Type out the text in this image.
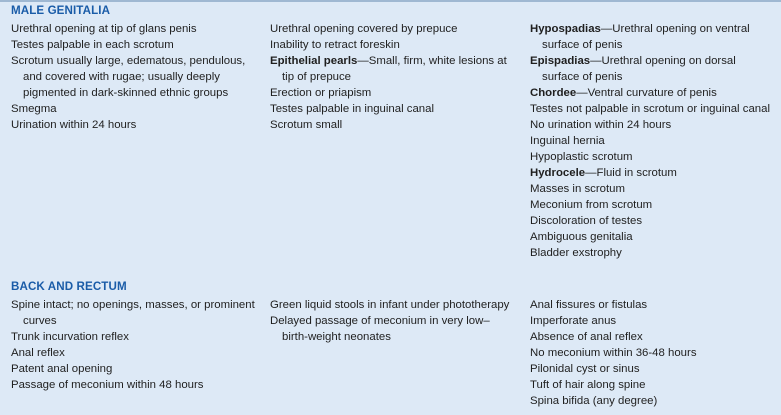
MALE GENITALIA
Urethral opening at tip of glans penis
Testes palpable in each scrotum
Scrotum usually large, edematous, pendulous, and covered with rugae; usually deeply pigmented in dark-skinned ethnic groups
Smegma
Urination within 24 hours
Urethral opening covered by prepuce
Inability to retract foreskin
Epithelial pearls—Small, firm, white lesions at tip of prepuce
Erection or priapism
Testes palpable in inguinal canal
Scrotum small
Hypospadias—Urethral opening on ventral surface of penis
Epispadias—Urethral opening on dorsal surface of penis
Chordee—Ventral curvature of penis
Testes not palpable in scrotum or inguinal canal
No urination within 24 hours
Inguinal hernia
Hypoplastic scrotum
Hydrocele—Fluid in scrotum
Masses in scrotum
Meconium from scrotum
Discoloration of testes
Ambiguous genitalia
Bladder exstrophy
BACK AND RECTUM
Spine intact; no openings, masses, or prominent curves
Trunk incurvation reflex
Anal reflex
Patent anal opening
Passage of meconium within 48 hours
Green liquid stools in infant under phototherapy
Delayed passage of meconium in very low–birth-weight neonates
Anal fissures or fistulas
Imperforate anus
Absence of anal reflex
No meconium within 36-48 hours
Pilonidal cyst or sinus
Tuft of hair along spine
Spina bifida (any degree)
